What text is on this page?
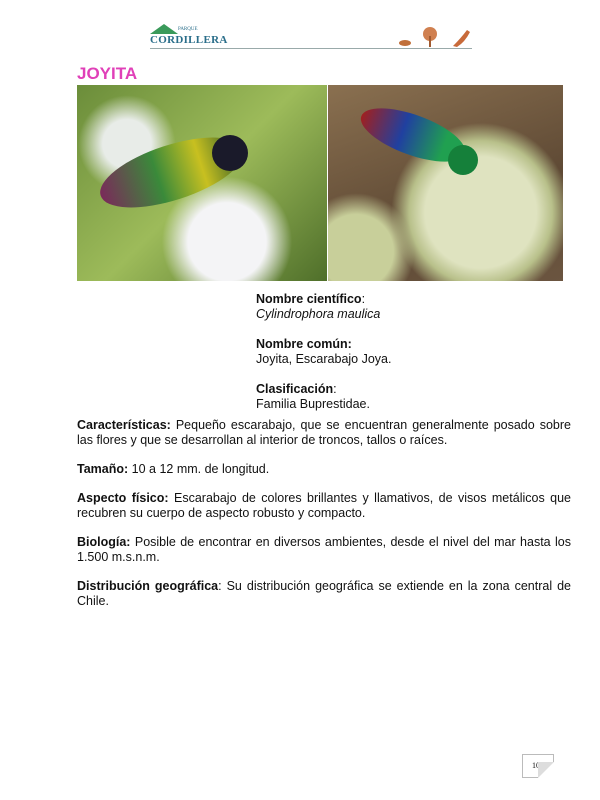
PARQUE
CORDILLERA
JOYITA

Nombre científico:
Cylindrophora maulica

Nombre común:
Joyita, Escarabajo Joya.

Clasificación:
Familia Buprestidae.

Características: Pequeño escarabajo, que se encuentran generalmente posado sobre las flores y que se desarrollan al interior de troncos, tallos o raíces.

Tamaño: 10 a 12 mm. de longitud.

Aspecto físico: Escarabajo de colores brillantes y llamativos, de visos metálicos que recubren su cuerpo de aspecto robusto y compacto.

Biología: Posible de encontrar en diversos ambientes, desde el nivel del mar hasta los 1.500 m.s.n.m.

Distribución geográfica: Su distribución geográfica se extiende en la zona central de Chile.

109
